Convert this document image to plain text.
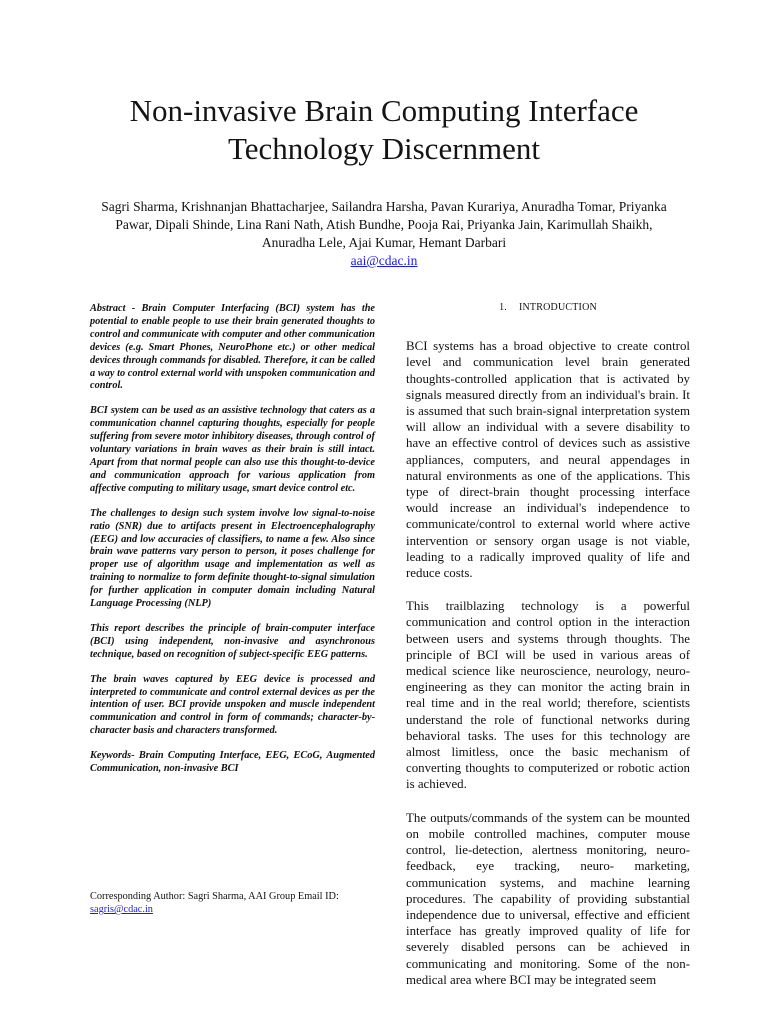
Non-invasive Brain Computing Interface
Technology Discernment
Sagri Sharma, Krishnanjan Bhattacharjee, Sailandra Harsha, Pavan Kurariya, Anuradha Tomar, Priyanka
Pawar, Dipali Shinde, Lina Rani Nath, Atish Bundhe, Pooja Rai, Priyanka Jain, Karimullah Shaikh,
Anuradha Lele, Ajai Kumar, Hemant Darbari
aai@cdac.in

Abstract - Brain Computer Interfacing (BCI) system has the potential to enable people to use their brain generated thoughts to control and communicate with computer and other communication devices (e.g. Smart Phones, NeuroPhone etc.) or other medical devices through commands for disabled. Therefore, it can be called a way to control external world with unspoken communication and control.

BCI system can be used as an assistive technology that caters as a communication channel capturing thoughts, especially for people suffering from severe motor inhibitory diseases, through control of voluntary variations in brain waves as their brain is still intact. Apart from that normal people can also use this thought-to-device and communication approach for various application from affective computing to military usage, smart device control etc.

The challenges to design such system involve low signal-to-noise ratio (SNR) due to artifacts present in Electroencephalography (EEG) and low accuracies of classifiers, to name a few. Also since brain wave patterns vary person to person, it poses challenge for proper use of algorithm usage and implementation as well as training to normalize to form definite thought-to-signal simulation for further application in computer domain including Natural Language Processing (NLP)

This report describes the principle of brain-computer interface (BCI) using independent, non-invasive and asynchronous technique, based on recognition of subject-specific EEG patterns.

The brain waves captured by EEG device is processed and interpreted to communicate and control external devices as per the intention of user. BCI provide unspoken and muscle independent communication and control in form of commands; character-by-character basis and characters transformed.

Keywords- Brain Computing Interface, EEG, ECoG, Augmented Communication, non-invasive BCI

Corresponding Author: Sagri Sharma, AAI Group Email ID:
sagris@cdac.in
1. INTRODUCTION

BCI systems has a broad objective to create control level and communication level brain generated thoughts-controlled application that is activated by signals measured directly from an individual's brain. It is assumed that such brain-signal interpretation system will allow an individual with a severe disability to have an effective control of devices such as assistive appliances, computers, and neural appendages in natural environments as one of the applications. This type of direct-brain thought processing interface would increase an individual's independence to communicate/control to external world where active intervention or sensory organ usage is not viable, leading to a radically improved quality of life and reduce costs.

This trailblazing technology is a powerful communication and control option in the interaction between users and systems through thoughts. The principle of BCI will be used in various areas of medical science like neuroscience, neurology, neuro-engineering as they can monitor the acting brain in real time and in the real world; therefore, scientists understand the role of functional networks during behavioral tasks. The uses for this technology are almost limitless, once the basic mechanism of converting thoughts to computerized or robotic action is achieved.

The outputs/commands of the system can be mounted on mobile controlled machines, computer mouse control, lie-detection, alertness monitoring, neuro-feedback, eye tracking, neuro- marketing, communication systems, and machine learning procedures. The capability of providing substantial independence due to universal, effective and efficient interface has greatly improved quality of life for severely disabled persons can be achieved in communicating and monitoring. Some of the non-medical area where BCI may be integrated seem
